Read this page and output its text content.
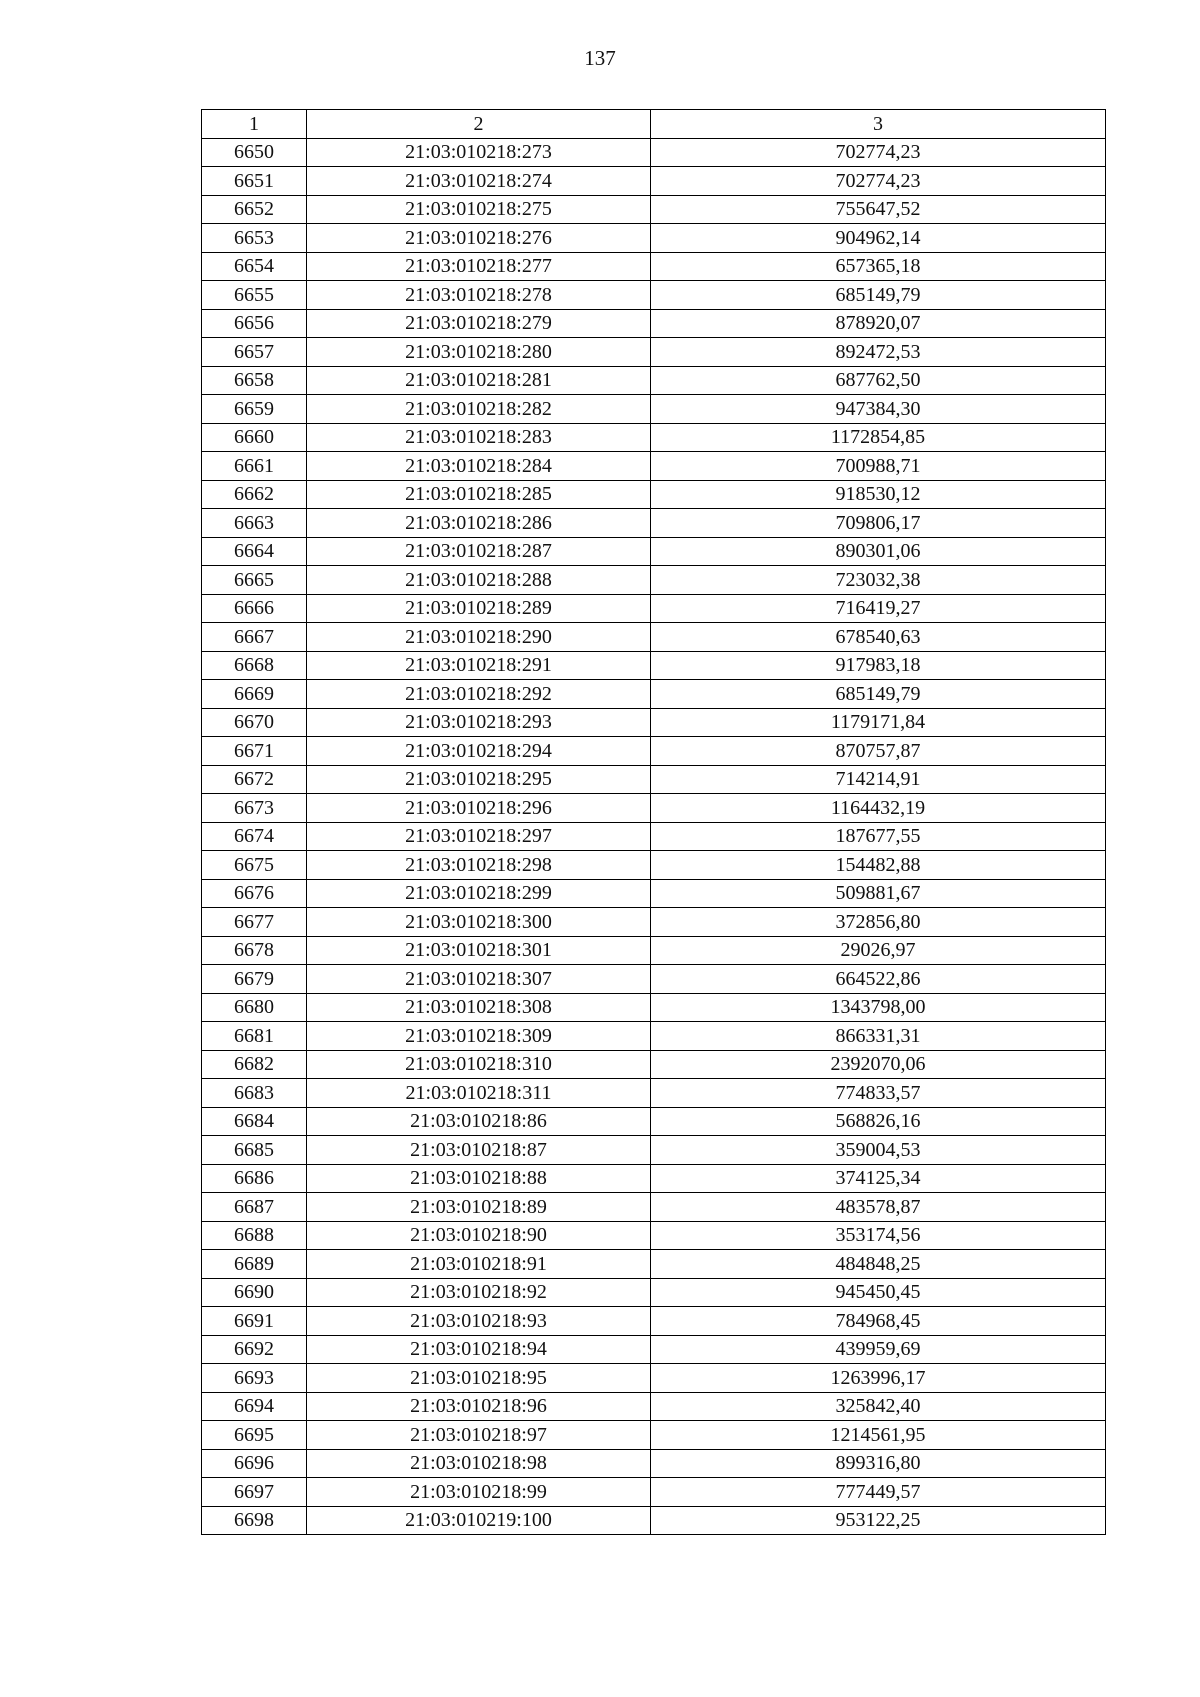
137
1	2	3
6650	21:03:010218:273	702774,23
6651	21:03:010218:274	702774,23
6652	21:03:010218:275	755647,52
6653	21:03:010218:276	904962,14
6654	21:03:010218:277	657365,18
6655	21:03:010218:278	685149,79
6656	21:03:010218:279	878920,07
6657	21:03:010218:280	892472,53
6658	21:03:010218:281	687762,50
6659	21:03:010218:282	947384,30
6660	21:03:010218:283	1172854,85
6661	21:03:010218:284	700988,71
6662	21:03:010218:285	918530,12
6663	21:03:010218:286	709806,17
6664	21:03:010218:287	890301,06
6665	21:03:010218:288	723032,38
6666	21:03:010218:289	716419,27
6667	21:03:010218:290	678540,63
6668	21:03:010218:291	917983,18
6669	21:03:010218:292	685149,79
6670	21:03:010218:293	1179171,84
6671	21:03:010218:294	870757,87
6672	21:03:010218:295	714214,91
6673	21:03:010218:296	1164432,19
6674	21:03:010218:297	187677,55
6675	21:03:010218:298	154482,88
6676	21:03:010218:299	509881,67
6677	21:03:010218:300	372856,80
6678	21:03:010218:301	29026,97
6679	21:03:010218:307	664522,86
6680	21:03:010218:308	1343798,00
6681	21:03:010218:309	866331,31
6682	21:03:010218:310	2392070,06
6683	21:03:010218:311	774833,57
6684	21:03:010218:86	568826,16
6685	21:03:010218:87	359004,53
6686	21:03:010218:88	374125,34
6687	21:03:010218:89	483578,87
6688	21:03:010218:90	353174,56
6689	21:03:010218:91	484848,25
6690	21:03:010218:92	945450,45
6691	21:03:010218:93	784968,45
6692	21:03:010218:94	439959,69
6693	21:03:010218:95	1263996,17
6694	21:03:010218:96	325842,40
6695	21:03:010218:97	1214561,95
6696	21:03:010218:98	899316,80
6697	21:03:010218:99	777449,57
6698	21:03:010219:100	953122,25
